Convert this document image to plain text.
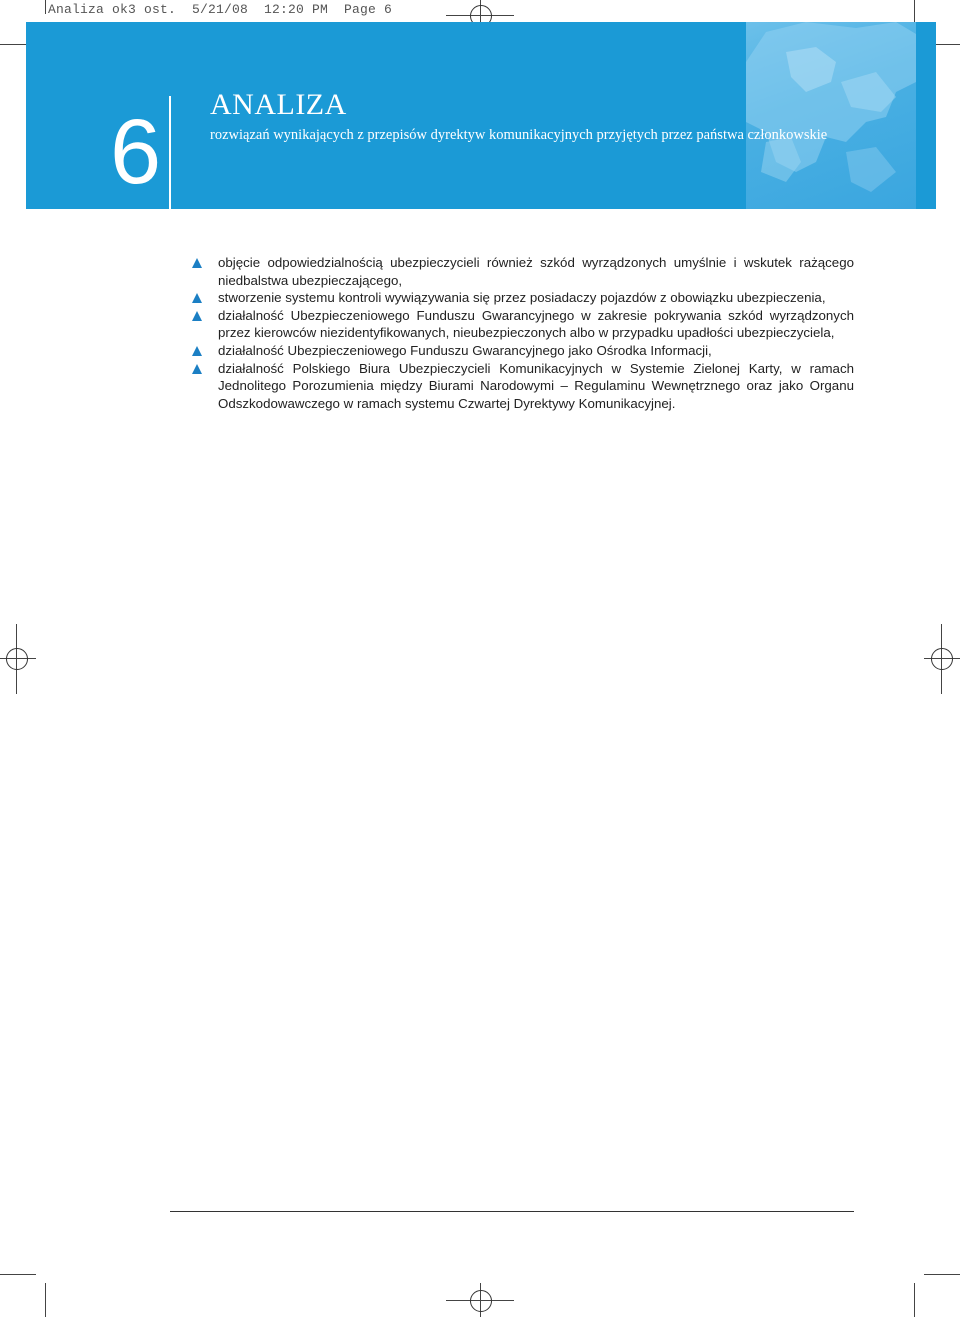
Analiza ok3 ost.  5/21/08  12:20 PM  Page 6
6 ANALIZA
rozwiązań wynikających z przepisów dyrektyw komunikacyjnych przyjętych przez państwa członkowskie
objęcie odpowiedzialnością ubezpieczycieli również szkód wyrządzonych umyślnie i wskutek rażącego niedbalstwa ubezpieczającego,
stworzenie systemu kontroli wywiązywania się przez posiadaczy pojazdów z obowiązku ubezpieczenia,
działalność Ubezpieczeniowego Funduszu Gwarancyjnego w zakresie pokrywania szkód wyrządzonych przez kierowców niezidentyfikowanych, nieubezpieczonych albo w przypadku upadłości ubezpieczyciela,
działalność Ubezpieczeniowego Funduszu Gwarancyjnego jako Ośrodka Informacji,
działalność Polskiego Biura Ubezpieczycieli Komunikacyjnych w Systemie Zielonej Karty, w ramach Jednolitego Porozumienia między Biurami Narodowymi – Regulaminu Wewnętrznego oraz jako Organu Odszkodowawczego w ramach systemu Czwartej Dyrektywy Komunikacyjnej.
